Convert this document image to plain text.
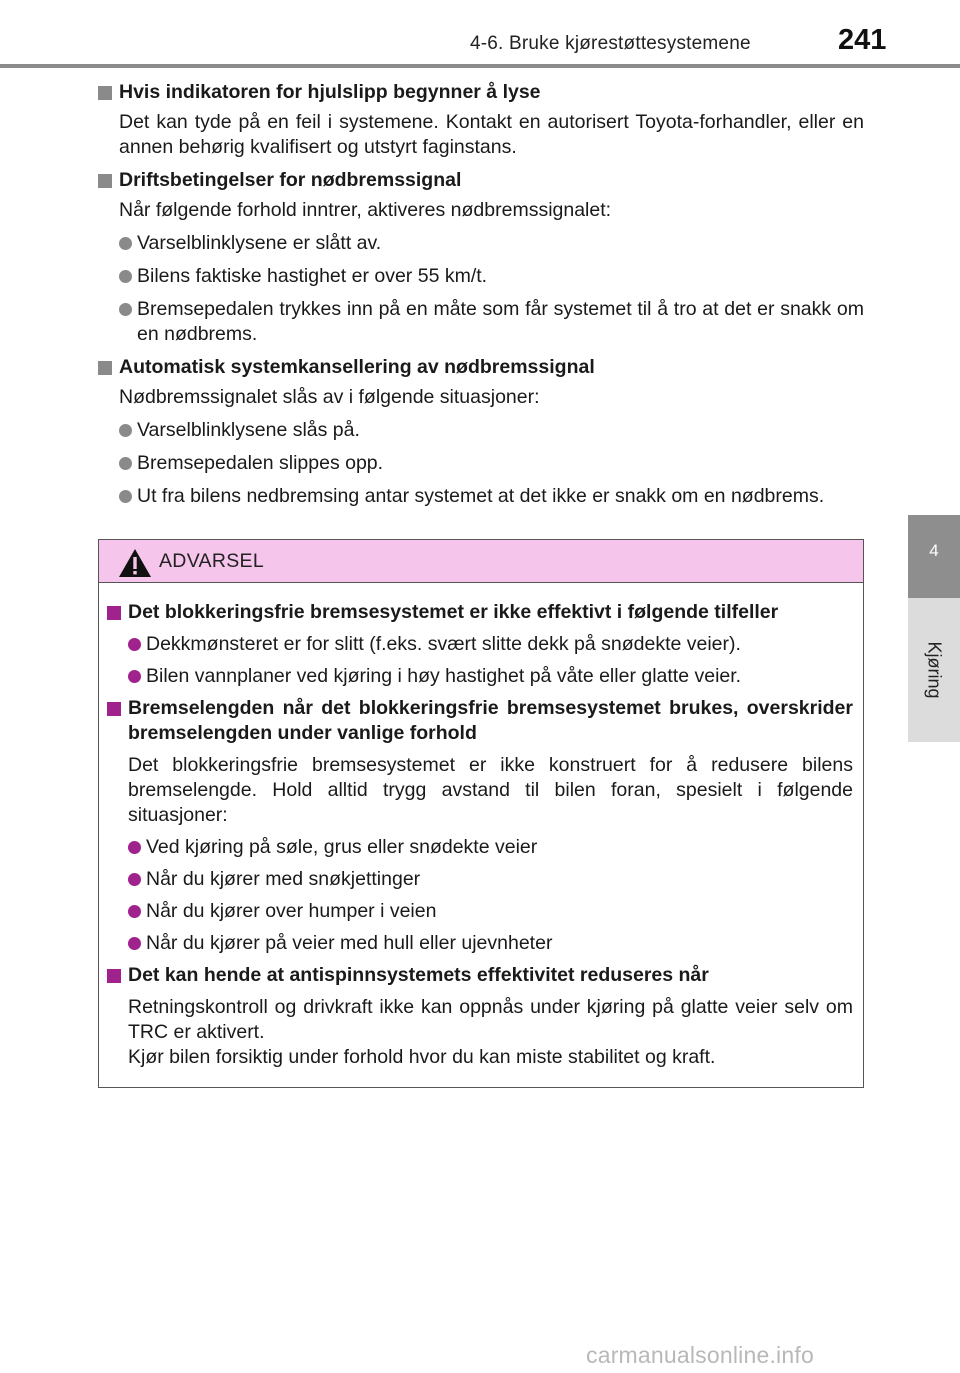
4-6. Bruke kjørestøttesystemene	241
4
Kjøring
Hvis indikatoren for hjulslipp begynner å lyse
Det kan tyde på en feil i systemene. Kontakt en autorisert Toyota-forhandler, eller en annen behørig kvalifisert og utstyrt faginstans.
Driftsbetingelser for nødbremssignal
Når følgende forhold inntrer, aktiveres nødbremssignalet:
Varselblinklysene er slått av.
Bilens faktiske hastighet er over 55 km/t.
Bremsepedalen trykkes inn på en måte som får systemet til å tro at det er snakk om en nødbrems.
Automatisk systemkansellering av nødbremssignal
Nødbremssignalet slås av i følgende situasjoner:
Varselblinklysene slås på.
Bremsepedalen slippes opp.
Ut fra bilens nedbremsing antar systemet at det ikke er snakk om en nødbrems.
ADVARSEL
Det blokkeringsfrie bremsesystemet er ikke effektivt i følgende tilfeller
Dekkmønsteret er for slitt (f.eks. svært slitte dekk på snødekte veier).
Bilen vannplaner ved kjøring i høy hastighet på våte eller glatte veier.
Bremselengden når det blokkeringsfrie bremsesystemet brukes, overskrider bremselengden under vanlige forhold
Det blokkeringsfrie bremsesystemet er ikke konstruert for å redusere bilens bremselengde. Hold alltid trygg avstand til bilen foran, spesielt i følgende situasjoner:
Ved kjøring på søle, grus eller snødekte veier
Når du kjører med snøkjettinger
Når du kjører over humper i veien
Når du kjører på veier med hull eller ujevnheter
Det kan hende at antispinnsystemets effektivitet reduseres når
Retningskontroll og drivkraft ikke kan oppnås under kjøring på glatte veier selv om TRC er aktivert.
Kjør bilen forsiktig under forhold hvor du kan miste stabilitet og kraft.
carmanualsonline.info
